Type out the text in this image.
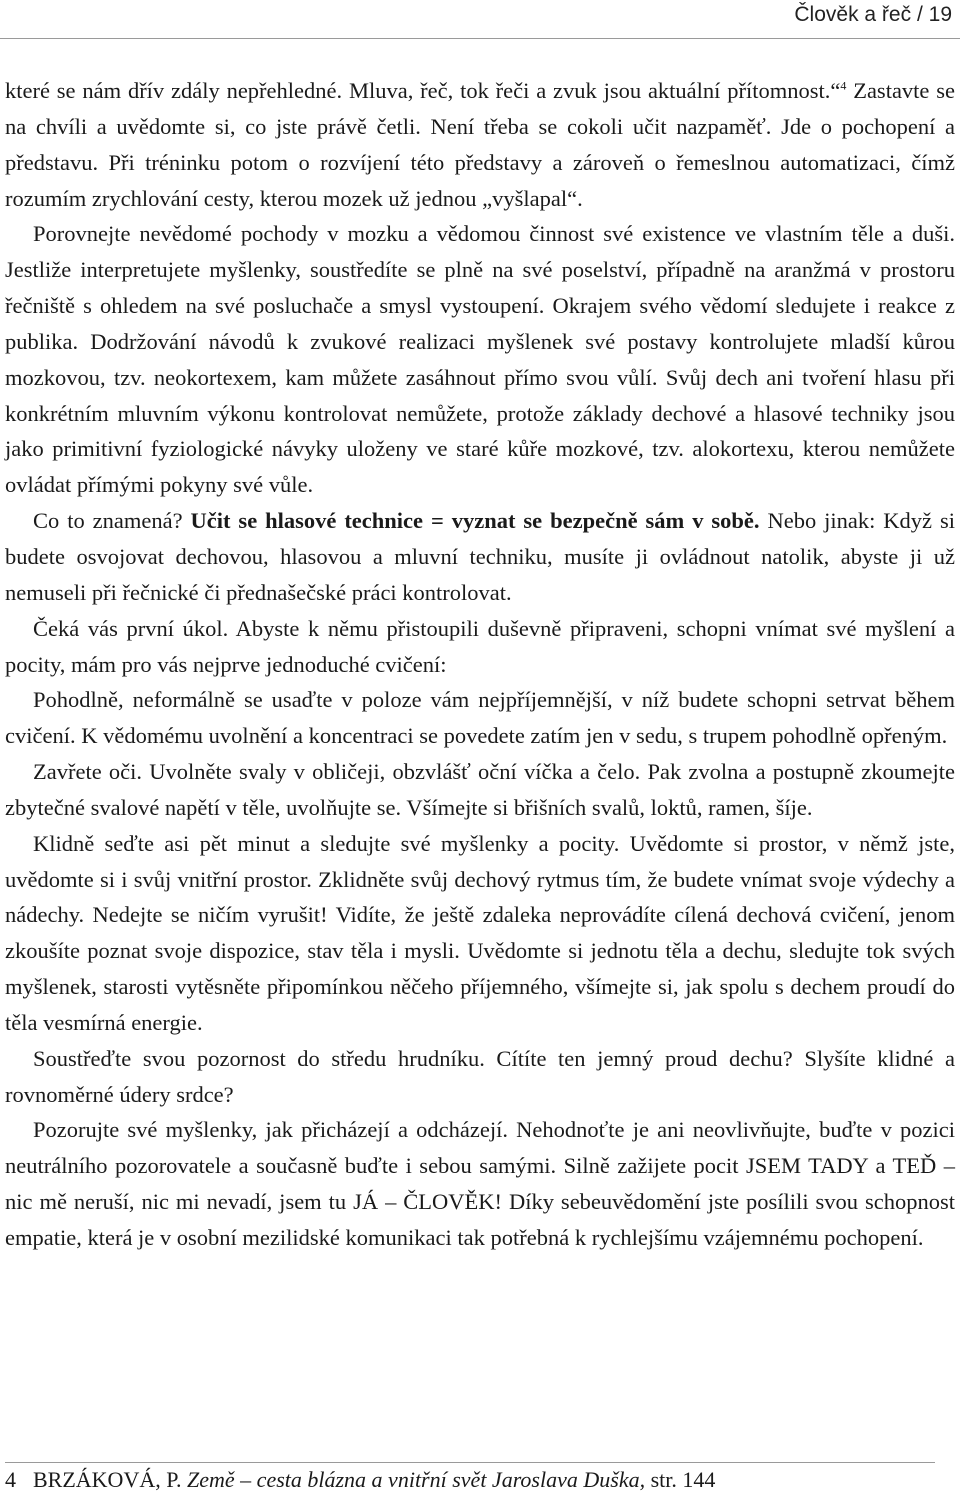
Člověk a řeč / 19

které se nám dřív zdály nepřehledné. Mluva, řeč, tok řeči a zvuk jsou aktuální přítomnost.“$^4$ Zastavte se na chvíli a uvědomte si, co jste právě četli. Není třeba se cokoli učit nazpaměť. Jde o pochopení a představu. Při tréninku potom o rozvíjení této představy a zároveň o řemeslnou automatizaci, čímž rozumím zrychlování cesty, kterou mozek už jednou „vyšlapal“.

Porovnejte nevědomé pochody v mozku a vědomou činnost své existence ve vlastním těle a duši. Jestliže interpretujete myšlenky, soustředíte se plně na své poselství, případně na aranžmá v prostoru řečniště s ohledem na své posluchače a smysl vystoupení. Okrajem svého vědomí sledujete i reakce z publika. Dodržování návodů k zvukové realizaci myšlenek své postavy kontrolujete mladší kůrou mozkovou, tzv. neokortexem, kam můžete zasáhnout přímo svou vůlí. Svůj dech ani tvoření hlasu při konkrétním mluvním výkonu kontrolovat nemůžete, protože základy dechové a hlasové techniky jsou jako primitivní fyziologické návyky uloženy ve staré kůře mozkové, tzv. alokortexu, kterou nemůžete ovládat přímými pokyny své vůle.

Co to znamená? Učit se hlasové technice = vyznat se bezpečně sám v sobě. Nebo jinak: Když si budete osvojovat dechovou, hlasovou a mluvní techniku, musíte ji ovládnout natolik, abyste ji už nemuseli při řečnické či přednašečské práci kontrolovat.

Čeká vás první úkol. Abyste k němu přistoupili duševně připraveni, schopni vnímat své myšlení a pocity, mám pro vás nejprve jednoduché cvičení:

Pohodlně, neformálně se usaďte v poloze vám nejpříjemnější, v níž budete schopni setrvat během cvičení. K vědomému uvolnění a koncentraci se povedete zatím jen v sedu, s trupem pohodlně opřeným.

Zavřete oči. Uvolněte svaly v obličeji, obzvlášť oční víčka a čelo. Pak zvolna a postupně zkoumejte zbytečné svalové napětí v těle, uvolňujte se. Všímejte si břišních svalů, loktů, ramen, šíje.

Klidně seďte asi pět minut a sledujte své myšlenky a pocity. Uvědomte si prostor, v němž jste, uvědomte si i svůj vnitřní prostor. Zklidněte svůj dechový rytmus tím, že budete vnímat svoje výdechy a nádechy. Nedejte se ničím vyrušit! Vidíte, že ještě zdaleka neprovádíte cílená dechová cvičení, jenom zkoušíte poznat svoje dispozice, stav těla i mysli. Uvědomte si jednotu těla a dechu, sledujte tok svých myšlenek, starosti vytěsněte připomínkou něčeho příjemného, všímejte si, jak spolu s dechem proudí do těla vesmírná energie.

Soustřeďte svou pozornost do středu hrudníku. Cítíte ten jemný proud dechu? Slyšíte klidné a rovnoměrné údery srdce?

Pozorujte své myšlenky, jak přicházejí a odcházejí. Nehodnoťte je ani neovlivňujte, buďte v pozici neutrálního pozorovatele a současně buďte i sebou samými. Silně zažijete pocit JSEM TADY a TEĎ – nic mě neruší, nic mi nevadí, jsem tu JÁ – ČLOVĚK! Díky sebeuvědomění jste posílili svou schopnost empatie, která je v osobní mezilidské komunikaci tak potřebná k rychlejšímu vzájemnému pochopení.

4 BRZÁKOVÁ, P. Země – cesta blázna a vnitřní svět Jaroslava Duška, str. 144
